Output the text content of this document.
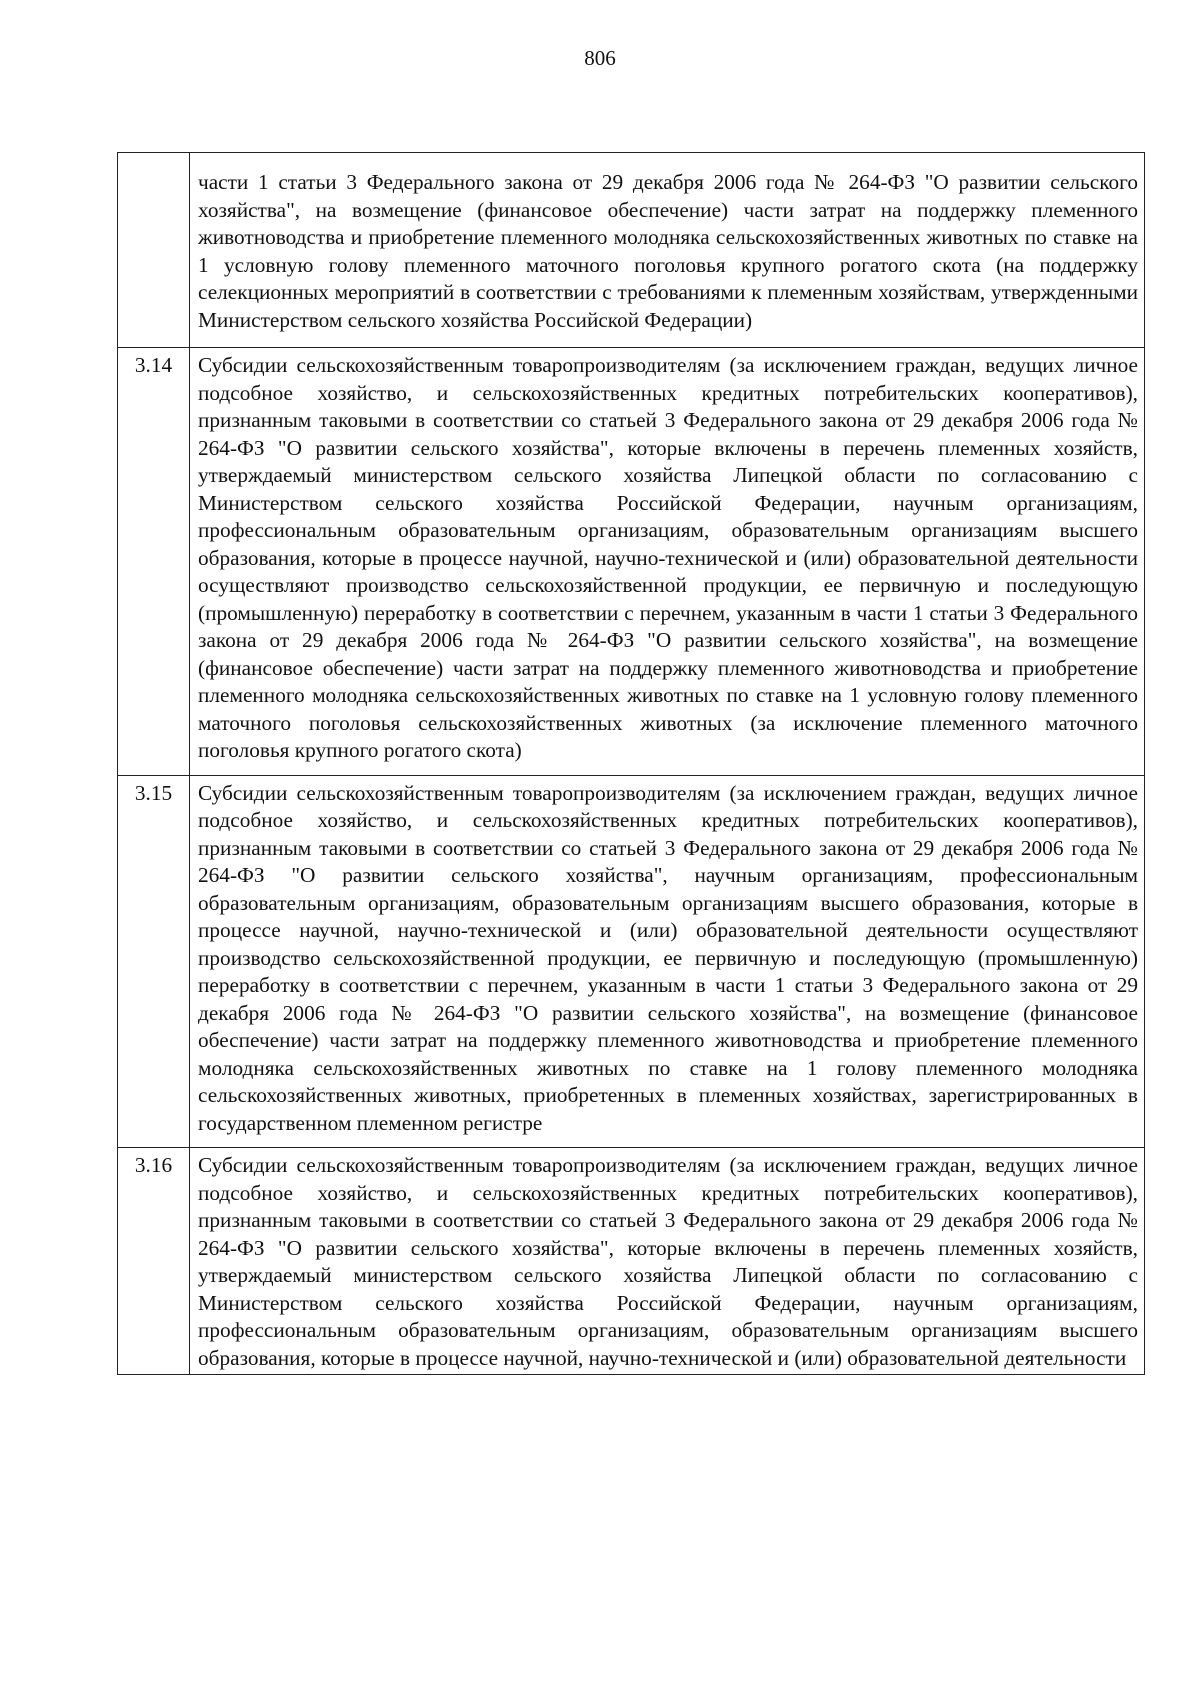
806
	части 1 статьи 3 Федерального закона от 29 декабря 2006 года № 264-ФЗ "О развитии сельского хозяйства", на возмещение (финансовое обеспечение) части затрат на поддержку племенного животноводства и приобретение племенного молодняка сельскохозяйственных животных по ставке на 1 условную голову племенного маточного поголовья крупного рогатого скота (на поддержку селекционных мероприятий в соответствии с требованиями к племенным хозяйствам, утвержденными Министерством сельского хозяйства Российской Федерации)
3.14	Субсидии сельскохозяйственным товаропроизводителям (за исключением граждан, ведущих личное подсобное хозяйство, и сельскохозяйственных кредитных потребительских кооперативов), признанным таковыми в соответствии со статьей 3 Федерального закона от 29 декабря 2006 года № 264-ФЗ "О развитии сельского хозяйства", которые включены в перечень племенных хозяйств, утверждаемый министерством сельского хозяйства Липецкой области по согласованию с Министерством сельского хозяйства Российской Федерации, научным организациям, профессиональным образовательным организациям, образовательным организациям высшего образования, которые в процессе научной, научно-технической и (или) образовательной деятельности осуществляют производство сельскохозяйственной продукции, ее первичную и последующую (промышленную) переработку в соответствии с перечнем, указанным в части 1 статьи 3 Федерального закона от 29 декабря 2006 года № 264-ФЗ "О развитии сельского хозяйства", на возмещение (финансовое обеспечение) части затрат на поддержку племенного животноводства и приобретение племенного молодняка сельскохозяйственных животных по ставке на 1 условную голову племенного маточного поголовья сельскохозяйственных животных (за исключение племенного маточного поголовья крупного рогатого скота)
3.15	Субсидии сельскохозяйственным товаропроизводителям (за исключением граждан, ведущих личное подсобное хозяйство, и сельскохозяйственных кредитных потребительских кооперативов), признанным таковыми в соответствии со статьей 3 Федерального закона от 29 декабря 2006 года № 264-ФЗ "О развитии сельского хозяйства", научным организациям, профессиональным образовательным организациям, образовательным организациям высшего образования, которые в процессе научной, научно-технической и (или) образовательной деятельности осуществляют производство сельскохозяйственной продукции, ее первичную и последующую (промышленную) переработку в соответствии с перечнем, указанным в части 1 статьи 3 Федерального закона от 29 декабря 2006 года № 264-ФЗ "О развитии сельского хозяйства", на возмещение (финансовое обеспечение) части затрат на поддержку племенного животноводства и приобретение племенного молодняка сельскохозяйственных животных по ставке на 1 голову племенного молодняка сельскохозяйственных животных, приобретенных в племенных хозяйствах, зарегистрированных в государственном племенном регистре
3.16	Субсидии сельскохозяйственным товаропроизводителям (за исключением граждан, ведущих личное подсобное хозяйство, и сельскохозяйственных кредитных потребительских кооперативов), признанным таковыми в соответствии со статьей 3 Федерального закона от 29 декабря 2006 года № 264-ФЗ "О развитии сельского хозяйства", которые включены в перечень племенных хозяйств, утверждаемый министерством сельского хозяйства Липецкой области по согласованию с Министерством сельского хозяйства Российской Федерации, научным организациям, профессиональным образовательным организациям, образовательным организациям высшего образования, которые в процессе научной, научно-технической и (или) образовательной деятельности
